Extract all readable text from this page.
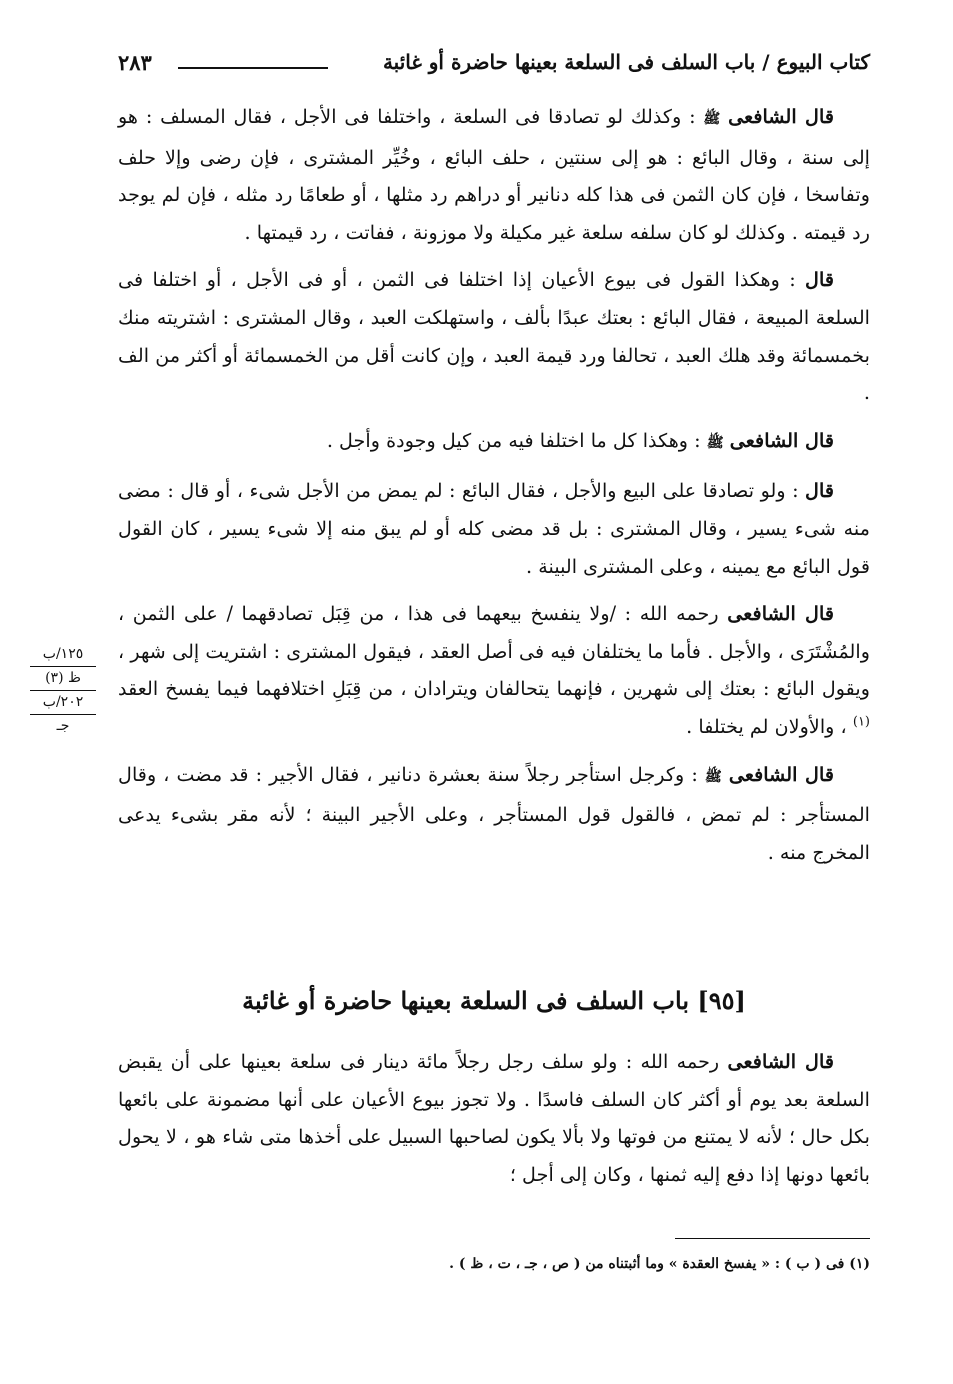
كتاب البيوع / باب السلف فى السلعة بعينها حاضرة أو غائبة
٢٨٣

قال الشافعى ﷺ : وكذلك لو تصادقا فى السلعة ، واختلفا فى الأجل ، فقال المسلف : هو إلى سنة ، وقال البائع : هو إلى سنتين ، حلف البائع ، وخُيِّر المشترى ، فإن رضى وإلا حلف وتفاسخا ، فإن كان الثمن فى هذا كله دنانير أو دراهم رد مثلها ، أو طعامًا رد مثله ، فإن لم يوجد رد قيمته . وكذلك لو كان سلفه سلعة غير مكيلة ولا موزونة ، ففاتت ، رد قيمتها .

قال : وهكذا القول فى بيوع الأعيان إذا اختلفا فى الثمن ، أو فى الأجل ، أو اختلفا فى السلعة المبيعة ، فقال البائع : بعتك عبدًا بألف ، واستهلكت العبد ، وقال المشترى : اشتريته منك بخمسمائة وقد هلك العبد ، تحالفا ورد قيمة العبد ، وإن كانت أقل من الخمسمائة أو أكثر من الف .

قال الشافعى ﷺ : وهكذا كل ما اختلفا فيه من كيل وجودة وأجل .

قال : ولو تصادقا على البيع والأجل ، فقال البائع : لم يمض من الأجل شىء ، أو قال : مضى منه شىء يسير ، وقال المشترى : بل قد مضى كله أو لم يبق منه إلا شىء يسير ، كان القول قول البائع مع يمينه ، وعلى المشترى البينة .

قال الشافعى رحمه الله : /ولا ينفسخ بيعهما فى هذا ، من قِبَل تصادقهما / على الثمن ، والمُشْتَرَى ، والأجل . فأما ما يختلفان فيه فى أصل العقد ، فيقول المشترى : اشتريت إلى شهر ، ويقول البائع : بعتك إلى شهرين ، فإنهما يتحالفان ويترادان ، من قِبَلِ اختلافهما فيما يفسخ العقد $^{(١)}$ ، والأولان لم يختلفا .

قال الشافعى ﷺ : وكرجل استأجر رجلاً سنة بعشرة دنانير ، فقال الأجير : قد مضت ، وقال المستأجر : لم تمض ، فالقول قول المستأجر ، وعلى الأجير البينة ؛ لأنه مقر بشىء يدعى المخرج منه .

١٢٥/ب
ظ (٣)
٢٠٢/ب
جـ
[٩٥] باب السلف فى السلعة بعينها حاضرة أو غائبة

قال الشافعى رحمه الله : ولو سلف رجل رجلاً مائة دينار فى سلعة بعينها على أن يقبض السلعة بعد يوم أو أكثر كان السلف فاسدًا . ولا تجوز بيوع الأعيان على أنها مضمونة على بائعها بكل حال ؛ لأنه لا يمتنع من فوتها ولا بألا يكون لصاحبها السبيل على أخذها متى شاء هو ، لا يحول بائعها دونها إذا دفع إليه ثمنها ، وكان إلى أجل ؛

(١) فى ( ب ) : « يفسخ العقدة » وما أثبتناه من ( ص ، جـ ، ت ، ظ ) .
